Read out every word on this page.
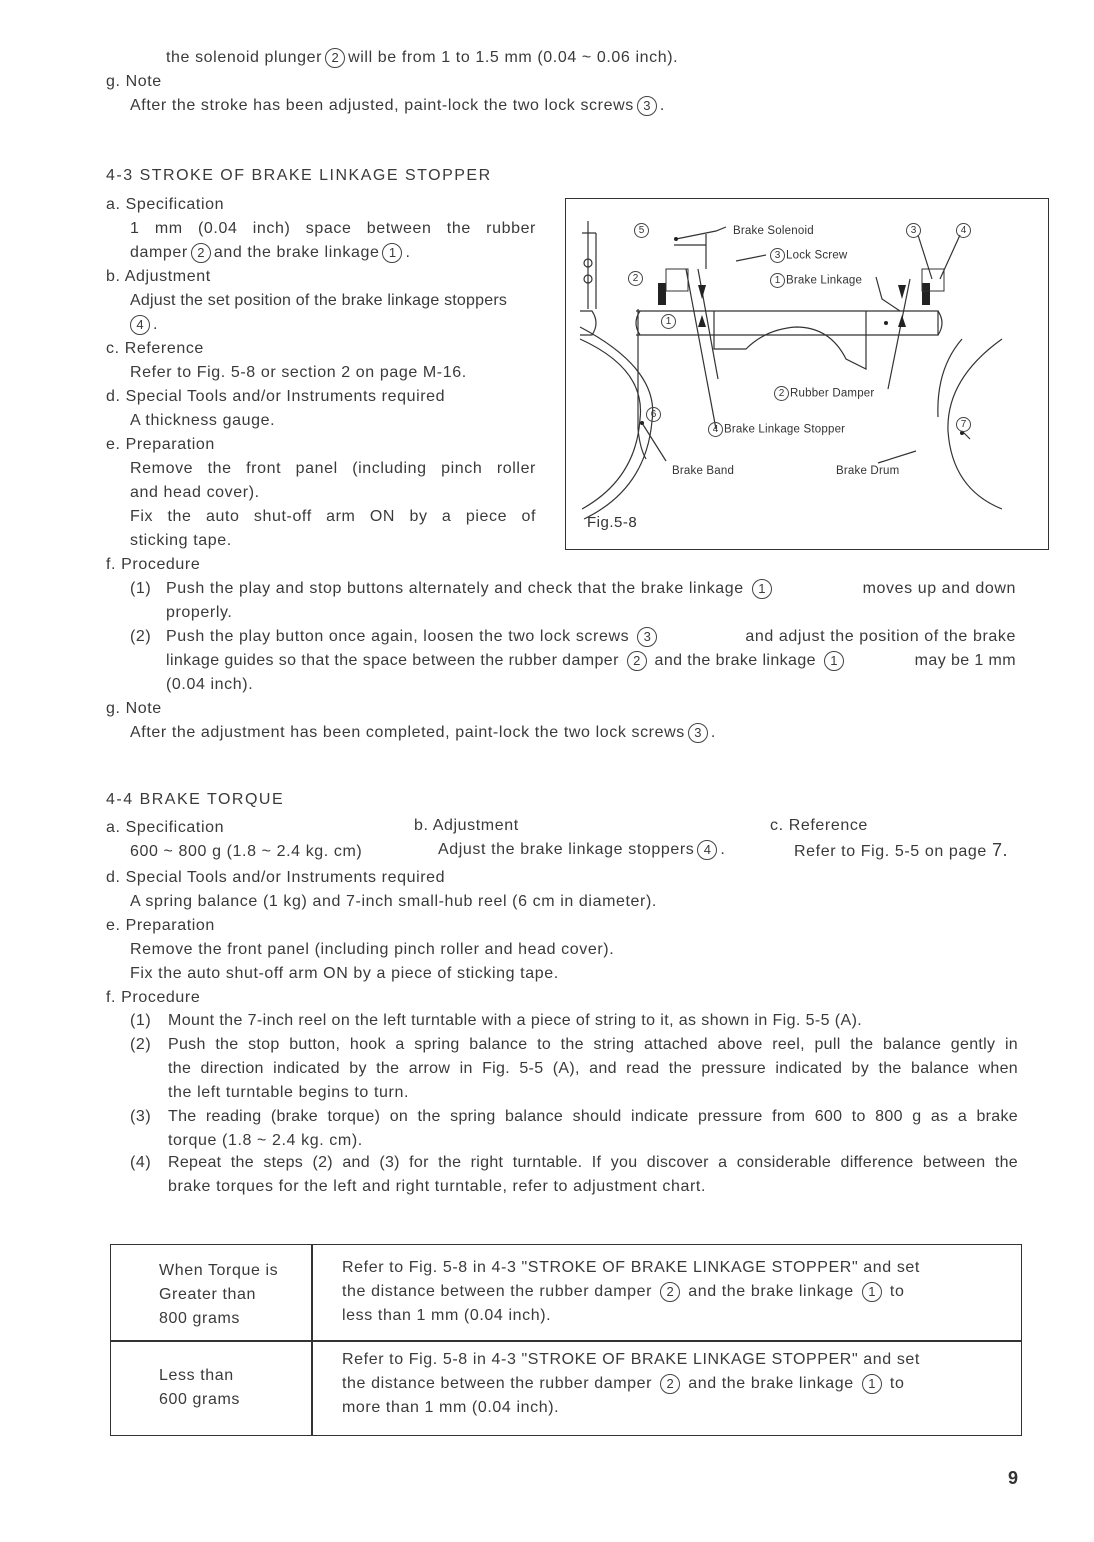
the solenoid plunger 2 will be from 1 to 1.5 mm (0.04 ~ 0.06 inch).
g. Note
After the stroke has been adjusted, paint-lock the two lock screws 3 .
4-3 STROKE OF BRAKE LINKAGE STOPPER
a. Specification
1 mm (0.04 inch) space between the rubber
damper 2 and the brake linkage 1 .
b. Adjustment
Adjust the set position of the brake linkage stoppers
4 .
c. Reference
Refer to Fig. 5-8 or section 2 on page M-16.
d. Special Tools and/or Instruments required
A thickness gauge.
e. Preparation
Remove the front panel (including pinch roller
and head cover).
Fix the auto shut-off arm ON by a piece of
sticking tape.
f. Procedure
(1) Push the play and stop buttons alternately and check that the brake linkage 1	moves up and down
properly.
(2) Push the play button once again, loosen the two lock screws 3	and adjust the position of the brake
linkage guides so that the space between the rubber damper 2 and the brake linkage 1	may be 1 mm
(0.04 inch).
g. Note
After the adjustment has been completed, paint-lock the two lock screws 3 .
5	Brake Solenoid	3	4
3 Lock Screw
2	1 Brake Linkage
1
2 Rubber Damper
6
4 Brake Linkage Stopper	7
Brake Band	Brake Drum
Fig.5-8
4-4 BRAKE TORQUE
a. Specification
600 ~ 800 g (1.8 ~ 2.4 kg. cm)
b. Adjustment
Adjust the brake linkage stoppers 4 .
c. Reference
Refer to Fig. 5-5 on page 7.
d. Special Tools and/or Instruments required
A spring balance (1 kg) and 7-inch small-hub reel (6 cm in diameter).
e. Preparation
Remove the front panel (including pinch roller and head cover).
Fix the auto shut-off arm ON by a piece of sticking tape.
f. Procedure
(1) Mount the 7-inch reel on the left turntable with a piece of string to it, as shown in Fig. 5-5 (A).
(2) Push the stop button, hook a spring balance to the string attached above reel, pull the balance gently in
the direction indicated by the arrow in Fig. 5-5 (A), and read the pressure indicated by the balance when
the left turntable begins to turn.
(3) The reading (brake torque) on the spring balance should indicate pressure from 600 to 800 g as a brake
torque (1.8 ~ 2.4 kg. cm).
(4) Repeat the steps (2) and (3) for the right turntable. If you discover a considerable difference between the
brake torques for the left and right turntable, refer to adjustment chart.
When Torque is
Greater than
800 grams
Refer to Fig. 5-8 in 4-3 "STROKE OF BRAKE LINKAGE STOPPER" and set
the distance between the rubber damper 2 and the brake linkage 1 to
less than 1 mm (0.04 inch).
Less than
600 grams
Refer to Fig. 5-8 in 4-3 "STROKE OF BRAKE LINKAGE STOPPER" and set
the distance between the rubber damper 2 and the brake linkage 1 to
more than 1 mm (0.04 inch).
9
